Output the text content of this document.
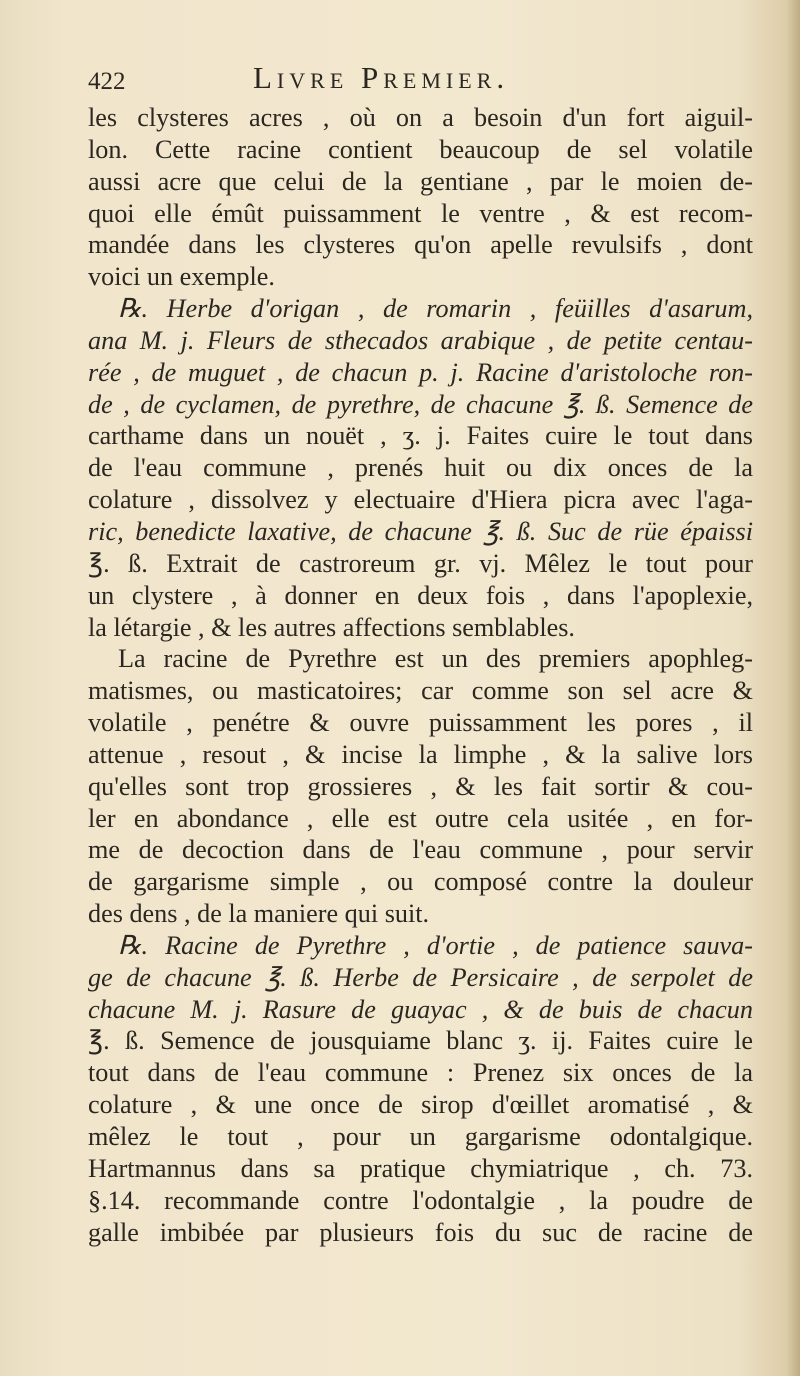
422	Livre Premier.
les clysteres acres , où on a besoin d'un fort aiguil-
lon. Cette racine contient beaucoup de sel volatile
aussi acre que celui de la gentiane , par le moien de-
quoi elle émût puissamment le ventre , & est recom-
mandée dans les clysteres qu'on apelle revulsifs , dont
voici un exemple.
℞. Herbe d'origan , de romarin , feüilles d'asarum,
ana M. j. Fleurs de sthecados arabique , de petite centau-
rée , de muguet , de chacun p. j. Racine d'aristoloche ron-
de , de cyclamen, de pyrethre, de chacune ℥. ß. Semence de
carthame dans un nouët , ʒ. j. Faites cuire le tout dans
de l'eau commune , prenés huit ou dix onces de la
colature , dissolvez y electuaire d'Hiera picra avec l'aga-
ric, benedicte laxative, de chacune ℥. ß. Suc de rüe épaissi
℥. ß. Extrait de castroreum gr. vj. Mêlez le tout pour
un clystere , à donner en deux fois , dans l'apoplexie,
la létargie , & les autres affections semblables.
La racine de Pyrethre est un des premiers apophleg-
matismes, ou masticatoires; car comme son sel acre &
volatile , penétre & ouvre puissamment les pores , il
attenue , resout , & incise la limphe , & la salive lors
qu'elles sont trop grossieres , & les fait sortir & cou-
ler en abondance , elle est outre cela usitée , en for-
me de decoction dans de l'eau commune , pour servir
de gargarisme simple , ou composé contre la douleur
des dens , de la maniere qui suit.
℞. Racine de Pyrethre , d'ortie , de patience sauva-
ge de chacune ℥. ß. Herbe de Persicaire , de serpolet de
chacune M. j. Rasure de guayac , & de buis de chacun
℥. ß. Semence de jousquiame blanc ʒ. ij. Faites cuire le
tout dans de l'eau commune : Prenez six onces de la
colature , & une once de sirop d'œillet aromatisé , &
mêlez le tout , pour un gargarisme odontalgique.
Hartmannus dans sa pratique chymiatrique , ch. 73.
§.14. recommande contre l'odontalgie , la poudre de
galle imbibée par plusieurs fois du suc de racine de
